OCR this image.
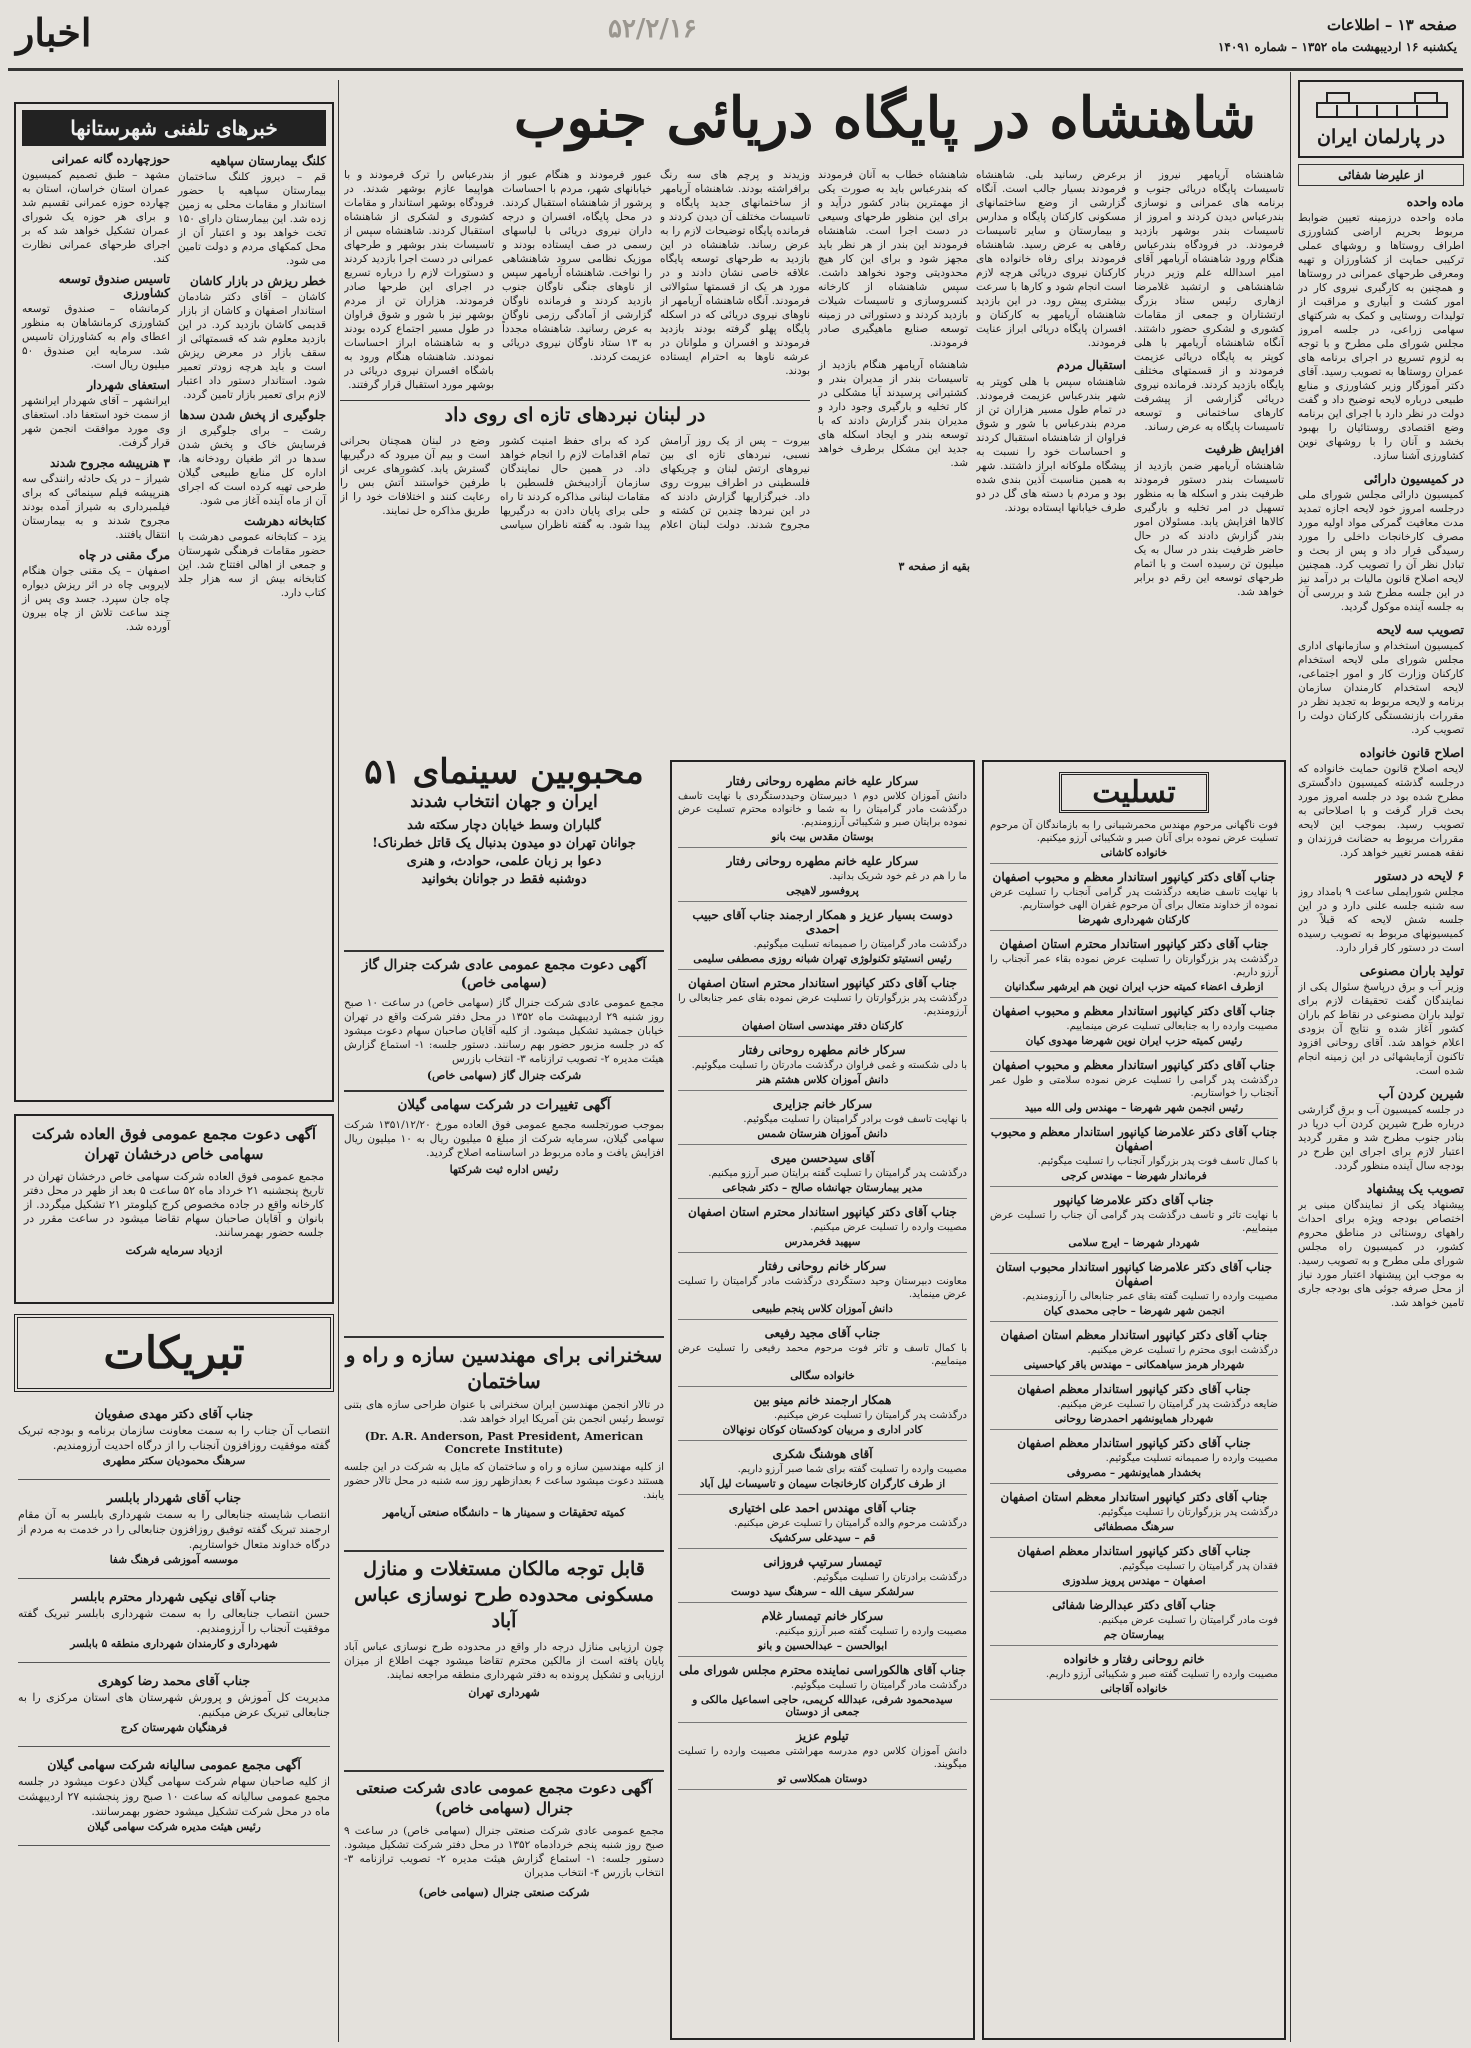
صفحه ۱۳ – اطلاعات
یکشنبه ۱۶ اردیبهشت ماه ۱۳۵۲ – شماره ۱۴۰۹۱
۵۲/۲/۱۶
اخبار
شاهنشاه در پایگاه دریائی جنوب	در پارلمان ایران
از علیرضا شفائی

ماده واحده

ماده واحده درزمینه تعیین ضوابط مربوط بحریم اراضی کشاورزی اطراف روستاها و روشهای عملی ترکیبی حمایت از کشاورزان و تهیه ومعرفی طرحهای عمرانی در روستاها و همچنین به کارگیری نیروی کار در امور کشت و آبیاری و مراقبت از تولیدات روستایی و کمک به شرکتهای سهامی زراعی، در جلسه امروز مجلس شورای ملی مطرح و با توجه به لزوم تسریع در اجرای برنامه های عمران روستاها به تصویب رسید. آقای دکتر آموزگار وزیر کشاورزی و منابع طبیعی درباره لایحه توضیح داد و گفت دولت در نظر دارد با اجرای این برنامه وضع اقتصادی روستائیان را بهبود بخشد و آنان را با روشهای نوین کشاورزی آشنا سازد.

در کمیسیون دارائی

کمیسیون دارائی مجلس شورای ملی درجلسه امروز خود لایحه اجازه تمدید مدت معافیت گمرکی مواد اولیه مورد مصرف کارخانجات داخلی را مورد رسیدگی قرار داد و پس از بحث و تبادل نظر آن را تصویب کرد. همچنین لایحه اصلاح قانون مالیات بر درآمد نیز در این جلسه مطرح شد و بررسی آن به جلسه آینده موکول گردید.

تصویب سه لایحه

کمیسیون استخدام و سازمانهای اداری مجلس شورای ملی لایحه استخدام کارکنان وزارت کار و امور اجتماعی، لایحه استخدام کارمندان سازمان برنامه و لایحه مربوط به تجدید نظر در مقررات بازنشستگی کارکنان دولت را تصویب کرد.

اصلاح قانون خانواده

لایحه اصلاح قانون حمایت خانواده که درجلسه گذشته کمیسیون دادگستری مطرح شده بود در جلسه امروز مورد بحث قرار گرفت و با اصلاحاتی به تصویب رسید. بموجب این لایحه مقررات مربوط به حضانت فرزندان و نفقه همسر تغییر خواهد کرد.

۶ لایحه در دستور

مجلس شورایملی ساعت ۹ بامداد روز سه شنبه جلسه علنی دارد و در این جلسه شش لایحه که قبلاً در کمیسیونهای مربوط به تصویب رسیده است در دستور کار قرار دارد.

تولید باران مصنوعی

وزیر آب و برق درپاسخ سئوال یکی از نمایندگان گفت تحقیقات لازم برای تولید باران مصنوعی در نقاط کم باران کشور آغاز شده و نتایج آن بزودی اعلام خواهد شد. آقای روحانی افزود تاکنون آزمایشهائی در این زمینه انجام شده است.

شیرین کردن آب

در جلسه کمیسیون آب و برق گزارشی درباره طرح شیرین کردن آب دریا در بنادر جنوب مطرح شد و مقرر گردید اعتبار لازم برای اجرای این طرح در بودجه سال آینده منظور گردد.

تصویب یک پیشنهاد

پیشنهاد یکی از نمایندگان مبنی بر اختصاص بودجه ویژه برای احداث راههای روستائی در مناطق محروم کشور، در کمیسیون راه مجلس شورای ملی مطرح و به تصویب رسید. به موجب این پیشنهاد اعتبار مورد نیاز از محل صرفه جوئی های بودجه جاری تامین خواهد شد.

شاهنشاه آریامهر نیروز از تاسیسات پایگاه دریائی جنوب و برنامه های عمرانی و نوسازی بندرعباس دیدن کردند و امروز از تاسیسات بندر بوشهر بازدید فرمودند. در فرودگاه بندرعباس هنگام ورود شاهنشاه آریامهر آقای امیر اسدالله علم وزیر دربار شاهنشاهی و ارتشبد غلامرضا ازهاری رئیس ستاد بزرگ ارتشتاران و جمعی از مقامات کشوری و لشکری حضور داشتند. آنگاه شاهنشاه آریامهر با هلی کوپتر به پایگاه دریائی عزیمت فرمودند و از قسمتهای مختلف پایگاه بازدید کردند. فرمانده نیروی دریائی گزارشی از پیشرفت کارهای ساختمانی و توسعه تاسیسات پایگاه به عرض رساند.

افزایش ظرفیت

شاهنشاه آریامهر ضمن بازدید از تاسیسات بندر دستور فرمودند ظرفیت بندر و اسکله ها به منظور تسهیل در امر تخلیه و بارگیری کالاها افزایش یابد. مسئولان امور بندر گزارش دادند که در حال حاضر ظرفیت بندر در سال به یک میلیون تن رسیده است و با اتمام طرحهای توسعه این رقم دو برابر خواهد شد.

برعرض رسانید بلی. شاهنشاه فرمودند بسیار جالب است. آنگاه گزارشی از وضع ساختمانهای مسکونی کارکنان پایگاه و مدارس و بیمارستان و سایر تاسیسات رفاهی به عرض رسید. شاهنشاه فرمودند برای رفاه خانواده های کارکنان نیروی دریائی هرچه لازم است انجام شود و کارها با سرعت بیشتری پیش رود. در این بازدید شاهنشاه آریامهر به کارکنان و افسران پایگاه دریائی ابراز عنایت فرمودند.

استقبال مردم

شاهنشاه سپس با هلی کوپتر به شهر بندرعباس عزیمت فرمودند. در تمام طول مسیر هزاران تن از مردم بندرعباس با شور و شوق فراوان از شاهنشاه استقبال کردند و احساسات خود را نسبت به پیشگاه ملوکانه ابراز داشتند. شهر به همین مناسبت آذین بندی شده بود و مردم با دسته های گل در دو طرف خیابانها ایستاده بودند.

شاهنشاه خطاب به آنان فرمودند که بندرعباس باید به صورت یکی از مهمترین بنادر کشور درآید و برای این منظور طرحهای وسیعی در دست اجرا است. شاهنشاه فرمودند این بندر از هر نظر باید مجهز شود و برای این کار هیچ محدودیتی وجود نخواهد داشت. سپس شاهنشاه از کارخانه کنسروسازی و تاسیسات شیلات بازدید کردند و دستوراتی در زمینه توسعه صنایع ماهیگیری صادر فرمودند.

شاهنشاه آریامهر هنگام بازدید از تاسیسات بندر از مدیران بندر و کشتیرانی پرسیدند آیا مشکلی در کار تخلیه و بارگیری وجود دارد و مدیران بندر گزارش دادند که با توسعه بندر و ایجاد اسکله های جدید این مشکل برطرف خواهد شد.

وزیدند و پرچم های سه رنگ برافراشته بودند. شاهنشاه آریامهر از ساختمانهای جدید پایگاه و تاسیسات مختلف آن دیدن کردند و فرمانده پایگاه توضیحات لازم را به عرض رساند. شاهنشاه در این بازدید به طرحهای توسعه پایگاه علاقه خاصی نشان دادند و در مورد هر یک از قسمتها سئوالاتی فرمودند. آنگاه شاهنشاه آریامهر از ناوهای نیروی دریائی که در اسکله پایگاه پهلو گرفته بودند بازدید فرمودند و افسران و ملوانان در عرشه ناوها به احترام ایستاده بودند.

عبور فرمودند و هنگام عبور از خیابانهای شهر، مردم با احساسات پرشور از شاهنشاه استقبال کردند. در محل پایگاه، افسران و درجه داران نیروی دریائی با لباسهای رسمی در صف ایستاده بودند و موزیک نظامی سرود شاهنشاهی را نواخت. شاهنشاه آریامهر سپس از ناوهای جنگی ناوگان جنوب بازدید کردند و فرمانده ناوگان گزارشی از آمادگی رزمی ناوگان به عرض رسانید. شاهنشاه مجدداً به ۱۳ ستاد ناوگان نیروی دریائی عزیمت کردند.

بندرعباس را ترک فرمودند و با هواپیما عازم بوشهر شدند. در فرودگاه بوشهر استاندار و مقامات کشوری و لشکری از شاهنشاه استقبال کردند. شاهنشاه سپس از تاسیسات بندر بوشهر و طرحهای عمرانی در دست اجرا بازدید کردند و دستورات لازم را درباره تسریع در اجرای این طرحها صادر فرمودند. هزاران تن از مردم بوشهر نیز با شور و شوق فراوان در طول مسیر اجتماع کرده بودند و به شاهنشاه ابراز احساسات نمودند. شاهنشاه هنگام ورود به باشگاه افسران نیروی دریائی در بوشهر مورد استقبال قرار گرفتند.

در لبنان نبردهای تازه ای روی داد

بیروت – پس از یک روز آرامش نسبی، نبردهای تازه ای بین نیروهای ارتش لبنان و چریکهای فلسطینی در اطراف بیروت روی داد. خبرگزاریها گزارش دادند که در این نبردها چندین تن کشته و مجروح شدند. دولت لبنان اعلام کرد که برای حفظ امنیت کشور تمام اقدامات لازم را انجام خواهد داد. در همین حال نمایندگان سازمان آزادیبخش فلسطین با مقامات لبنانی مذاکره کردند تا راه حلی برای پایان دادن به درگیریها پیدا شود. به گفته ناظران سیاسی وضع در لبنان همچنان بحرانی است و بیم آن میرود که درگیریها گسترش یابد. کشورهای عربی از طرفین خواستند آتش بس را رعایت کنند و اختلافات خود را از طریق مذاکره حل نمایند.

بقیه از صفحه ۳
خبرهای تلفنی شهرستانها

کلنگ بیمارستان سپاهیه

قم – دیروز کلنگ ساختمان بیمارستان سپاهیه با حضور استاندار و مقامات محلی به زمین زده شد. این بیمارستان دارای ۱۵۰ تخت خواهد بود و اعتبار آن از محل کمکهای مردم و دولت تامین می شود.

خطر ریزش در بازار کاشان

کاشان – آقای دکتر شادمان استاندار اصفهان و کاشان از بازار قدیمی کاشان بازدید کرد. در این بازدید معلوم شد که قسمتهائی از سقف بازار در معرض ریزش است و باید هرچه زودتر تعمیر شود. استاندار دستور داد اعتبار لازم برای تعمیر بازار تامین گردد.

جلوگیری از پخش شدن سدها

رشت – برای جلوگیری از فرسایش خاک و پخش شدن سدها در اثر طغیان رودخانه ها، اداره کل منابع طبیعی گیلان طرحی تهیه کرده است که اجرای آن از ماه آینده آغاز می شود.

کتابخانه دهرشت

یزد – کتابخانه عمومی دهرشت با حضور مقامات فرهنگی شهرستان و جمعی از اهالی افتتاح شد. این کتابخانه بیش از سه هزار جلد کتاب دارد.

حوزچهارده گانه عمرانی

مشهد – طبق تصمیم کمیسیون عمران استان خراسان، استان به چهارده حوزه عمرانی تقسیم شد و برای هر حوزه یک شورای عمران تشکیل خواهد شد که بر اجرای طرحهای عمرانی نظارت کند.

تاسیس صندوق توسعه کشاورزی

کرمانشاه – صندوق توسعه کشاورزی کرمانشاهان به منظور اعطای وام به کشاورزان تاسیس شد. سرمایه این صندوق ۵۰ میلیون ریال است.

استعفای شهردار

ایرانشهر – آقای شهردار ایرانشهر از سمت خود استعفا داد. استعفای وی مورد موافقت انجمن شهر قرار گرفت.

۳ هنرپیشه مجروح شدند

شیراز – در یک حادثه رانندگی سه هنرپیشه فیلم سینمائی که برای فیلمبرداری به شیراز آمده بودند مجروح شدند و به بیمارستان انتقال یافتند.

مرگ مقنی در چاه

اصفهان – یک مقنی جوان هنگام لایروبی چاه در اثر ریزش دیواره چاه جان سپرد. جسد وی پس از چند ساعت تلاش از چاه بیرون آورده شد.

آگهی دعوت مجمع عمومی فوق العاده شرکت سهامی خاص درخشان تهران

مجمع عمومی فوق العاده شرکت سهامی خاص درخشان تهران در تاریخ پنجشنبه ۲۱ خرداد ماه ۵۲ ساعت ۵ بعد از ظهر در محل دفتر کارخانه واقع در جاده مخصوص کرج کیلومتر ۲۱ تشکیل میگردد. از بانوان و آقایان صاحبان سهام تقاضا میشود در ساعت مقرر در جلسه حضور بهمرسانند.

ازدیاد سرمایه شرکت

تبریکات

جناب آقای دکتر مهدی صفویان

انتصاب آن جناب را به سمت معاونت سازمان برنامه و بودجه تبریک گفته موفقیت روزافزون آنجناب را از درگاه احدیت آرزومندیم.

سرهنگ محمودیان سکتر مطهری

جناب آقای شهردار بابلسر

انتصاب شایسته جنابعالی را به سمت شهرداری بابلسر به آن مقام ارجمند تبریک گفته توفیق روزافزون جنابعالی را در خدمت به مردم از درگاه خداوند متعال خواستاریم.

موسسه آموزشی فرهنگ شفا

جناب آقای نیکیی شهردار محترم بابلسر

حسن انتصاب جنابعالی را به سمت شهرداری بابلسر تبریک گفته موفقیت آنجناب را آرزومندیم.

شهرداری و کارمندان شهرداری منطقه ۵ بابلسر

جناب آقای محمد رضا کوهری

مدیریت کل آموزش و پرورش شهرستان های استان مرکزی را به جنابعالی تبریک عرض میکنیم.

فرهنگیان شهرستان کرج

آگهی مجمع عمومی سالیانه شرکت سهامی گیلان

از کلیه صاحبان سهام شرکت سهامی گیلان دعوت میشود در جلسه مجمع عمومی سالیانه که ساعت ۱۰ صبح روز پنجشنبه ۲۷ اردیبهشت ماه در محل شرکت تشکیل میشود حضور بهمرسانند.

رئیس هیئت مدیره شرکت سهامی گیلان

محبوبین سینمای ۵۱
ایران و جهان انتخاب شدند

گلباران وسط خیابان دچار سکته شد

جوانان تهران دو میدون بدنبال یک قاتل خطرناک!

دعوا بر زبان علمی، حوادث، و هنری

دوشنبه فقط در جوانان بخوانید

آگهی دعوت مجمع عمومی عادی شرکت جنرال گاز (سهامی خاص)

مجمع عمومی عادی شرکت جنرال گاز (سهامی خاص) در ساعت ۱۰ صبح روز شنبه ۲۹ اردیبهشت ماه ۱۳۵۲ در محل دفتر شرکت واقع در تهران خیابان جمشید تشکیل میشود. از کلیه آقایان صاحبان سهام دعوت میشود که در جلسه مزبور حضور بهم رسانند. دستور جلسه: ۱- استماع گزارش هیئت مدیره ۲- تصویب ترازنامه ۳- انتخاب بازرس

شرکت جنرال گاز (سهامی خاص)

آگهی تغییرات در شرکت سهامی گیلان

بموجب صورتجلسه مجمع عمومی فوق العاده مورخ ۱۳۵۱/۱۲/۲۰ شرکت سهامی گیلان، سرمایه شرکت از مبلغ ۵ میلیون ریال به ۱۰ میلیون ریال افزایش یافت و ماده مربوط در اساسنامه اصلاح گردید.

رئیس اداره ثبت شرکتها

سخنرانی برای مهندسین سازه و راه و ساختمان

در تالار انجمن مهندسین ایران سخنرانی با عنوان طراحی سازه های بتنی توسط رئیس انجمن بتن آمریکا ایراد خواهد شد.

(Dr. A.R. Anderson, Past President, American Concrete Institute)

از کلیه مهندسین سازه و راه و ساختمان که مایل به شرکت در این جلسه هستند دعوت میشود ساعت ۶ بعدازظهر روز سه شنبه در محل تالار حضور یابند.

کمیته تحقیقات و سمینار ها – دانشگاه صنعتی آریامهر

قابل توجه مالکان مستغلات و منازل مسکونی محدوده طرح نوسازی عباس آباد

چون ارزیابی منازل درجه دار واقع در محدوده طرح نوسازی عباس آباد پایان یافته است از مالکین محترم تقاضا میشود جهت اطلاع از میزان ارزیابی و تشکیل پرونده به دفتر شهرداری منطقه مراجعه نمایند.

شهرداری تهران

آگهی دعوت مجمع عمومی عادی شرکت صنعتی جنرال (سهامی خاص)

مجمع عمومی عادی شرکت صنعتی جنرال (سهامی خاص) در ساعت ۹ صبح روز شنبه پنجم خردادماه ۱۳۵۲ در محل دفتر شرکت تشکیل میشود. دستور جلسه: ۱- استماع گزارش هیئت مدیره ۲- تصویب ترازنامه ۳- انتخاب بازرس ۴- انتخاب مدیران

شرکت صنعتی جنرال (سهامی خاص)

سرکار علیه خانم مطهره روحانی رفتار

دانش آموزان کلاس دوم ۱ دبیرستان وحیددستگردی با نهایت تاسف درگذشت مادر گرامیتان را به شما و خانواده محترم تسلیت عرض نموده برایتان صبر و شکیبائی آرزومندیم.

بوستان مقدس بیت بانو

سرکار علیه خانم مطهره روحانی رفتار

ما را هم در غم خود شریک بدانید.

پروفسور لاهیجی

دوست بسیار عزیز و همکار ارجمند جناب آقای حبیب احمدی

درگذشت مادر گرامیتان را صمیمانه تسلیت میگوئیم.

رئیس انستیتو تکنولوژی تهران شبانه روزی مصطفی سلیمی

جناب آقای دکتر کیانپور استاندار محترم استان اصفهان

درگذشت پدر بزرگوارتان را تسلیت عرض نموده بقای عمر جنابعالی را آرزومندیم.

کارکنان دفتر مهندسی استان اصفهان

سرکار خانم مطهره روحانی رفتار

با دلی شکسته و غمی فراوان درگذشت مادرتان را تسلیت میگوئیم.

دانش آموزان کلاس هشتم هنر

سرکار خانم جزایری

با نهایت تاسف فوت برادر گرامیتان را تسلیت میگوئیم.

دانش آموزان هنرستان شمس

آقای سیدحسن میری

درگذشت پدر گرامیتان را تسلیت گفته برایتان صبر آرزو میکنیم.

مدیر بیمارستان جهانشاه صالح – دکتر شجاعی

جناب آقای دکتر کیانپور استاندار محترم استان اصفهان

مصیبت وارده را تسلیت عرض میکنیم.

سپهبد فخرمدرس

سرکار خانم روحانی رفتار

معاونت دبیرستان وحید دستگردی درگذشت مادر گرامیتان را تسلیت عرض مینماید.

دانش آموزان کلاس پنجم طبیعی

جناب آقای مجید رفیعی

با کمال تاسف و تاثر فوت مرحوم محمد رفیعی را تسلیت عرض مینماییم.

خانواده سگالی

همکار ارجمند خانم مینو بین

درگذشت پدر گرامیتان را تسلیت عرض میکنیم.

کادر اداری و مربیان کودکستان کوکان نونهالان

آقای هوشنگ شکری

مصیبت وارده را تسلیت گفته برای شما صبر آرزو داریم.

از طرف کارگران کارخانجات سیمان و تاسیسات لیل آباد

جناب آقای مهندس احمد علی اختیاری

درگذشت مرحوم والده گرامیتان را تسلیت عرض میکنیم.

قم – سیدعلی سرکشیک

تیمسار سرتیپ فروزانی

درگذشت برادرتان را تسلیت میگوئیم.

سرلشکر سیف الله – سرهنگ سید دوست

سرکار خانم تیمسار غلام

مصیبت وارده را تسلیت گفته صبر آرزو میکنیم.

ابوالحسن – عبدالحسین و بانو

جناب آقای هالکوراسی نماینده محترم مجلس شورای ملی

درگذشت مادر گرامیتان را تسلیت میگوئیم.

سیدمحمود شرفی، عبدالله کریمی، حاجی اسماعیل مالکی و جمعی از دوستان

تیلوم عزیز

دانش آموزان کلاس دوم مدرسه مهراشتی مصیبت وارده را تسلیت میگویند.

دوستان همکلاسی تو

تسلیت

فوت ناگهانی مرحوم مهندس محمرشیبانی را به بازماندگان آن مرحوم تسلیت عرض نموده برای آنان صبر و شکیبائی آرزو میکنیم.

خانواده کاشانی

جناب آقای دکتر کیانپور استاندار معظم و محبوب اصفهان

با نهایت تاسف ضایعه درگذشت پدر گرامی آنجناب را تسلیت عرض نموده از خداوند متعال برای آن مرحوم غفران الهی خواستاریم.

کارکنان شهرداری شهرضا

جناب آقای دکتر کیانپور استاندار محترم استان اصفهان

درگذشت پدر بزرگوارتان را تسلیت عرض نموده بقاء عمر آنجناب را آرزو داریم.

ازطرف اعضاء کمیته حزب ایران نوین هم ایرشهر سگدانیان

جناب آقای دکتر کیانپور استاندار معظم و محبوب اصفهان

مصیبت وارده را به جنابعالی تسلیت عرض مینماییم.

رئیس کمیته حزب ایران نوین شهرضا مهدوی کیان

جناب آقای دکتر کیانپور استاندار معظم و محبوب اصفهان

درگذشت پدر گرامی را تسلیت عرض نموده سلامتی و طول عمر آنجناب را خواستاریم.

رئیس انجمن شهر شهرضا – مهندس ولی الله مبید

جناب آقای دکتر علامرضا کیانپور استاندار معظم و محبوب اصفهان

با کمال تاسف فوت پدر بزرگوار آنجناب را تسلیت میگوئیم.

فرماندار شهرضا – مهندس کرجی

جناب آقای دکتر علامرضا کیانپور

با نهایت تاثر و تاسف درگذشت پدر گرامی آن جناب را تسلیت عرض مینماییم.

شهردار شهرضا – ایرج سلامی

جناب آقای دکتر علامرضا کیانپور استاندار محبوب استان اصفهان

مصیبت وارده را تسلیت گفته بقای عمر جنابعالی را آرزومندیم.

انجمن شهر شهرضا – حاجی محمدی کیان

جناب آقای دکتر کیانپور استاندار معظم استان اصفهان

درگذشت ابوی محترم را تسلیت عرض میکنیم.

شهردار هرمز سیاهمکانی – مهندس باقر کیاحسینی

جناب آقای دکتر کیانپور استاندار معظم اصفهان

ضایعه درگذشت پدر گرامیتان را تسلیت عرض میکنیم.

شهردار همایونشهر احمدرضا روحانی

جناب آقای دکتر کیانپور استاندار معظم اصفهان

مصیبت وارده را صمیمانه تسلیت میگوئیم.

بخشدار همایونشهر – مصروفی

جناب آقای دکتر کیانپور استاندار معظم استان اصفهان

درگذشت پدر بزرگوارتان را تسلیت میگوئیم.

سرهنگ مصطفائی

جناب آقای دکتر کیانپور استاندار معظم اصفهان

فقدان پدر گرامیتان را تسلیت میگوئیم.

اصفهان – مهندس پرویز سلدوزی

جناب آقای دکتر عبدالرضا شفائی

فوت مادر گرامیتان را تسلیت عرض میکنیم.

بیمارستان جم

خانم روحانی رفتار و خانواده

مصیبت وارده را تسلیت گفته صبر و شکیبائی آرزو داریم.

خانواده آقاجانی
